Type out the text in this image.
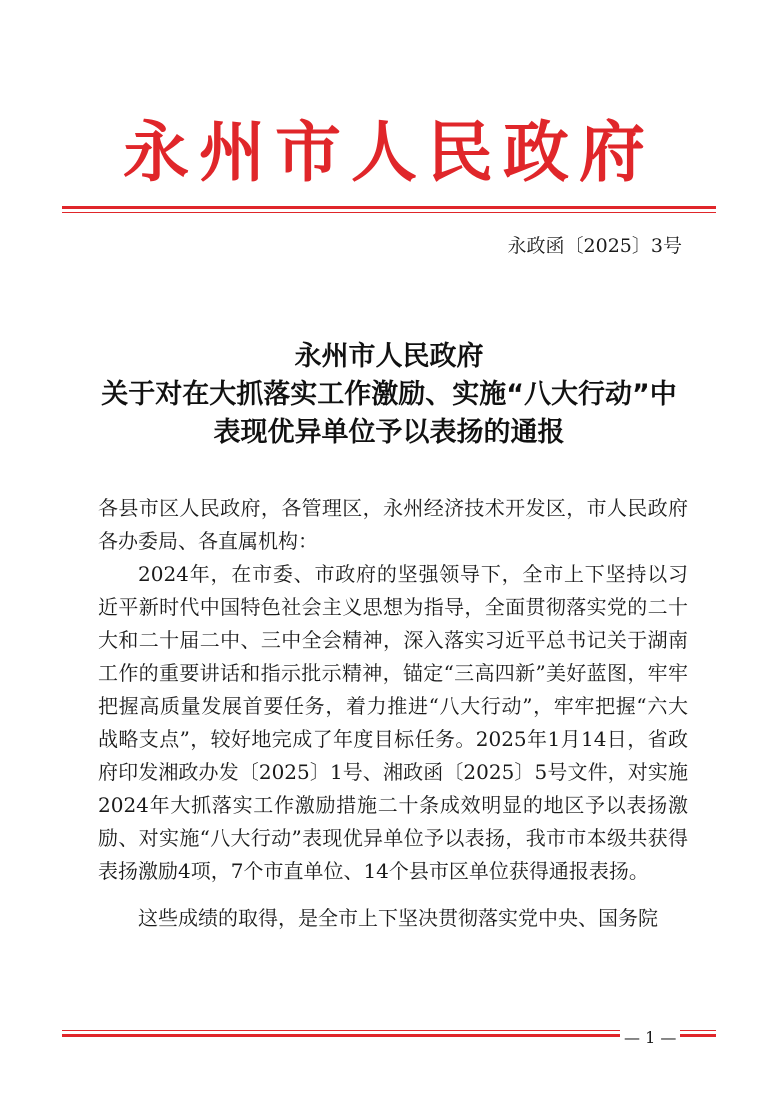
永州市人民政府
永政函〔2025〕3号
永州市人民政府
关于对在大抓落实工作激励、实施“八大行动”中
表现优异单位予以表扬的通报

各县市区人民政府，各管理区，永州经济技术开发区，市人民政府各办委局、各直属机构：

2024年，在市委、市政府的坚强领导下，全市上下坚持以习近平新时代中国特色社会主义思想为指导，全面贯彻落实党的二十大和二十届二中、三中全会精神，深入落实习近平总书记关于湖南工作的重要讲话和指示批示精神，锚定“三高四新”美好蓝图，牢牢把握高质量发展首要任务，着力推进“八大行动”，牢牢把握“六大战略支点”，较好地完成了年度目标任务。2025年1月14日，省政府印发湘政办发〔2025〕1号、湘政函〔2025〕5号文件，对实施2024年大抓落实工作激励措施二十条成效明显的地区予以表扬激励、对实施“八大行动”表现优异单位予以表扬，我市市本级共获得表扬激励4项，7个市直单位、14个县市区单位获得通报表扬。

这些成绩的取得，是全市上下坚决贯彻落实党中央、国务院

— 1 —
